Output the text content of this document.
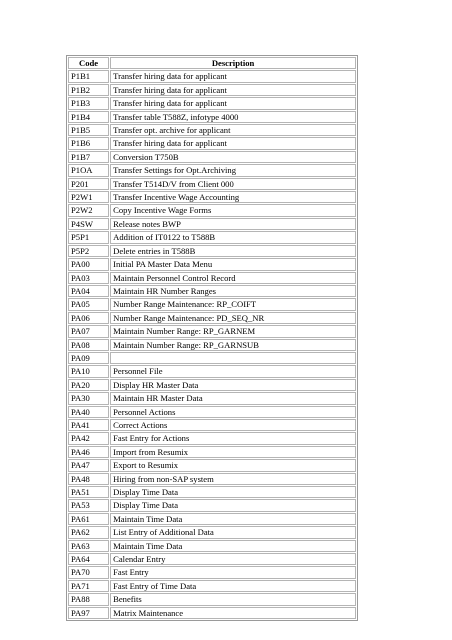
Code	Description
P1B1	Transfer hiring data for applicant
P1B2	Transfer hiring data for applicant
P1B3	Transfer hiring data for applicant
P1B4	Transfer table T588Z, infotype 4000
P1B5	Transfer opt. archive for applicant
P1B6	Transfer hiring data for applicant
P1B7	Conversion T750B
P1OA	Transfer Settings for Opt.Archiving
P201	Transfer T514D/V from Client 000
P2W1	Transfer Incentive Wage Accounting
P2W2	Copy Incentive Wage Forms
P4SW	Release notes BWP
P5P1	Addition of IT0122 to T588B
P5P2	Delete entries in T588B
PA00	Initial PA Master Data Menu
PA03	Maintain Personnel Control Record
PA04	Maintain HR Number Ranges
PA05	Number Range Maintenance: RP_COIFT
PA06	Number Range Maintenance: PD_SEQ_NR
PA07	Maintain Number Range: RP_GARNEM
PA08	Maintain Number Range: RP_GARNSUB
PA09	
PA10	Personnel File
PA20	Display HR Master Data
PA30	Maintain HR Master Data
PA40	Personnel Actions
PA41	Correct Actions
PA42	Fast Entry for Actions
PA46	Import from Resumix
PA47	Export to Resumix
PA48	Hiring from non-SAP system
PA51	Display Time Data
PA53	Display Time Data
PA61	Maintain Time Data
PA62	List Entry of Additional Data
PA63	Maintain Time Data
PA64	Calendar Entry
PA70	Fast Entry
PA71	Fast Entry of Time Data
PA88	Benefits
PA97	Matrix Maintenance
